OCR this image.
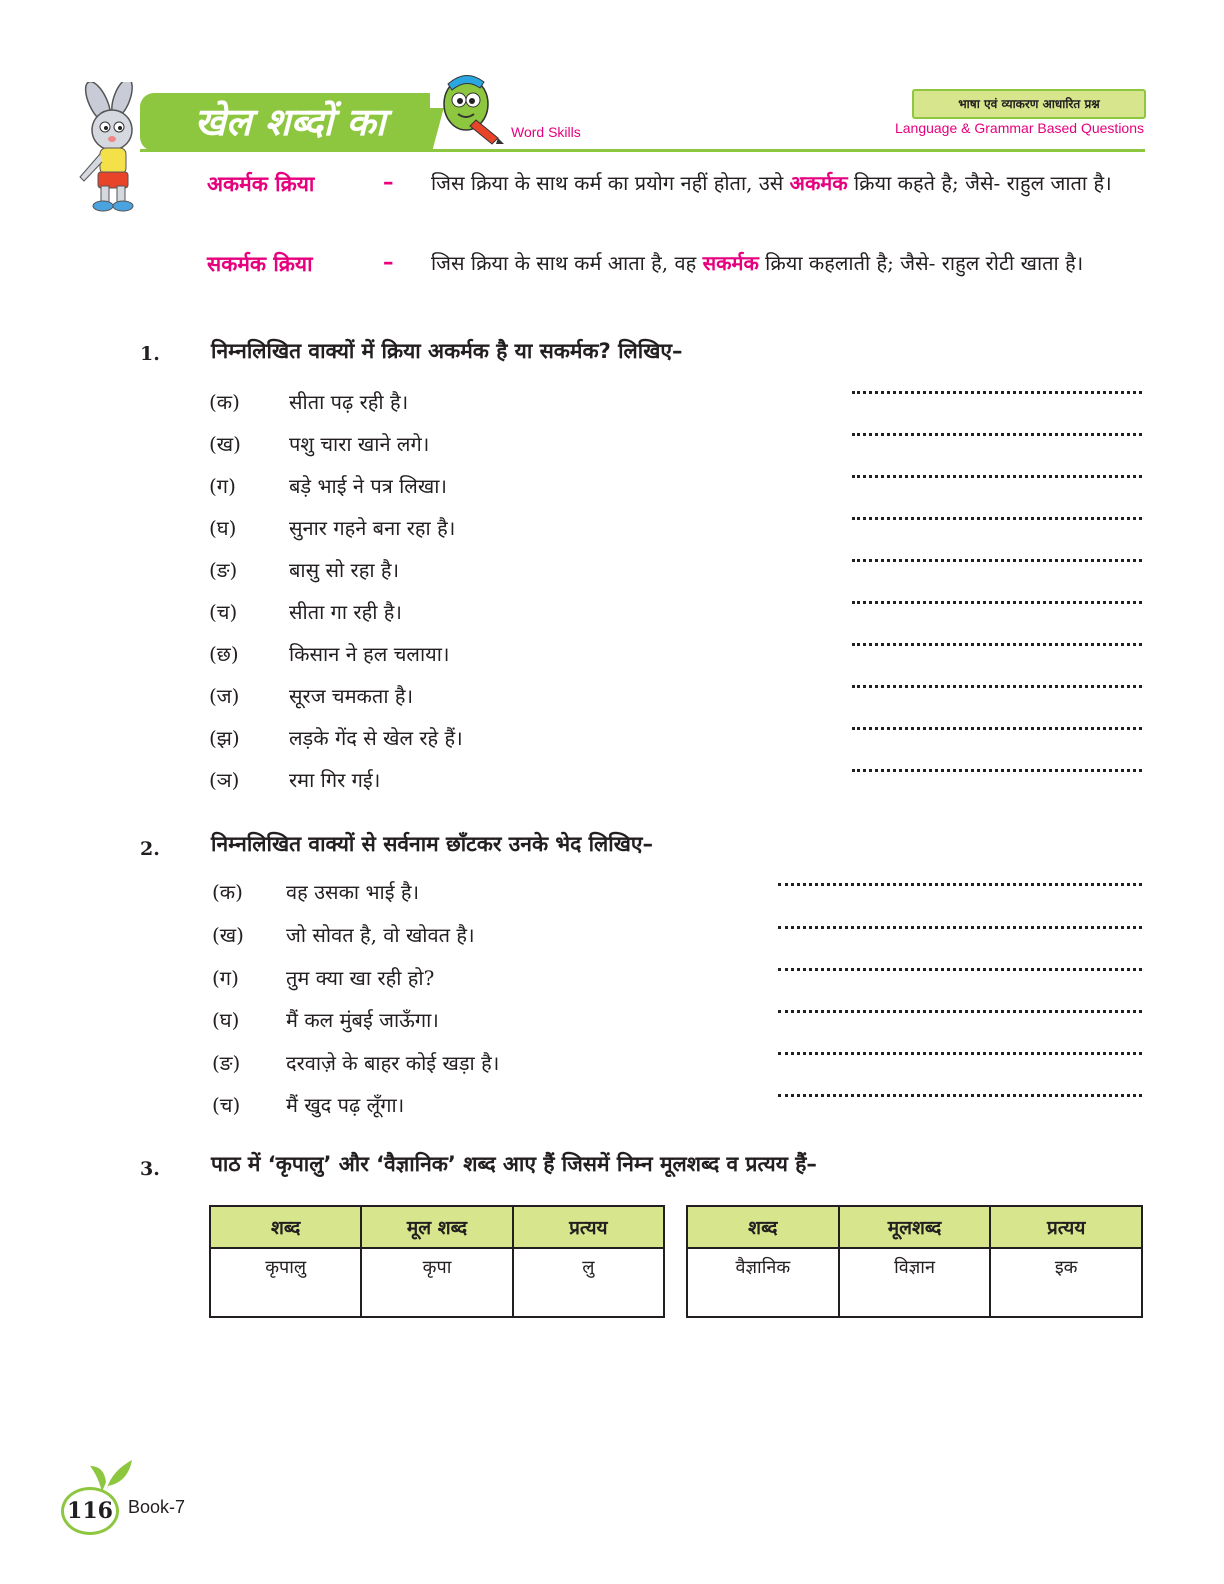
खेल शब्दों का	Word Skills
भाषा एवं व्याकरण आधारित प्रश्न
Language & Grammar Based Questions
अकर्मक क्रिया	– जिस क्रिया के साथ कर्म का प्रयोग नहीं होता, उसे अकर्मक क्रिया कहते है; जैसे- राहुल जाता है।
सकर्मक क्रिया	– जिस क्रिया के साथ कर्म आता है, वह सकर्मक क्रिया कहलाती है; जैसे- राहुल रोटी खाता है।
1. निम्नलिखित वाक्यों में क्रिया अकर्मक है या सकर्मक? लिखिए–
(क) सीता पढ़ रही है।
(ख) पशु चारा खाने लगे।
(ग)	बड़े भाई ने पत्र लिखा।
(घ)	सुनार गहने बना रहा है।
(ङ)	बासु सो रहा है।
(च)	सीता गा रही है।
(छ)	किसान ने हल चलाया।
(ज) सूरज चमकता है।
(झ) लड़के गेंद से खेल रहे हैं।
(ञ) रमा गिर गई।
2. निम्नलिखित वाक्यों से सर्वनाम छाँटकर उनके भेद लिखिए–
(क) वह उसका भाई है।
(ख) जो सोवत है, वो खोवत है।
(ग) तुम क्या खा रही हो?
(घ) मैं कल मुंबई जाऊँगा।
(ङ) दरवाज़े के बाहर कोई खड़ा है।
(च) मैं खुद पढ़ लूँगा।
3. पाठ में ‘कृपालु’ और ‘वैज्ञानिक’ शब्द आए हैं जिसमें निम्न मूलशब्द व प्रत्यय हैं–
शब्द	मूल शब्द	प्रत्यय
कृपालु	कृपा	लु
शब्द	मूलशब्द	प्रत्यय
वैज्ञानिक	विज्ञान	इक
116 Book-7
